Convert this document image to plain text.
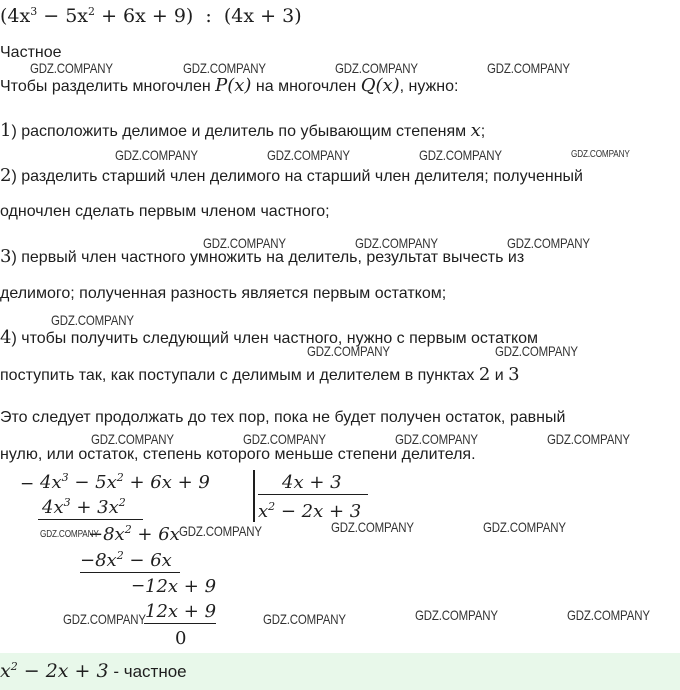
$(4x^3 - 5x^2 + 6x + 9)$  :  (4x + 3)
Частное
Чтобы разделить многочлен P(x) на многочлен Q(x), нужно:
1) расположить делимое и делитель по убывающим степеням x;
2) разделить старший член делимого на старший член делителя; полученный
одночлен сделать первым членом частного;
3) первый член частного умножить на делитель, результат вычесть из
делимого; полученная разность является первым остатком;
4) чтобы получить следующий член частного, нужно с первым остатком
поступить так, как поступали с делимым и делителем в пунктах 2 и 3
Это следует продолжать до тех пор, пока не будет получен остаток, равный
нулю, или остаток, степень которого меньше степени делителя.
− $4x^3 - 5x^2 + 6x + 9$	4x + 3
$x^2 - 2x + 3$
$4x^3 + 3x^2$
$-8x^2 + 6x$
$-8x^2 - 6x$
− 12x + 9
12x + 9
0
$x^2 - 2x + 3$ - частное
GDZ.COMPANY	GDZ.COMPANY	GDZ.COMPANY	GDZ.COMPANY
GDZ.COMPANY	GDZ.COMPANY	GDZ.COMPANY	GDZ.COMPANY
GDZ.COMPANY	GDZ.COMPANY	GDZ.COMPANY
GDZ.COMPANY
GDZ.COMPANY	GDZ.COMPANY
GDZ.COMPANY	GDZ.COMPANY	GDZ.COMPANY	GDZ.COMPANY
GDZ.COMPANY	GDZ.COMPANY	GDZ.COMPANY	GDZ.COMPANY
GDZ.COMPANY	GDZ.COMPANY	GDZ.COMPANY	GDZ.COMPANY
